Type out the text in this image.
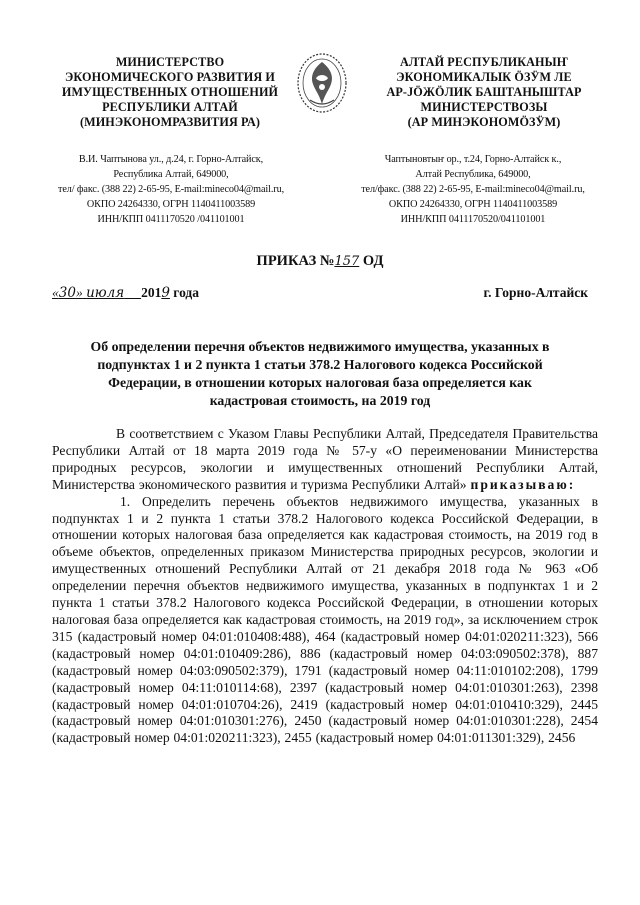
МИНИСТЕРСТВО
ЭКОНОМИЧЕСКОГО РАЗВИТИЯ И
ИМУЩЕСТВЕННЫХ ОТНОШЕНИЙ
РЕСПУБЛИКИ АЛТАЙ
(МИНЭКОНОМРАЗВИТИЯ РА)
АЛТАЙ РЕСПУБЛИКАНЫҤ
ЭКОНОМИКАЛЫК ÖЗӰМ ЛЕ
АР-JÖЖÖЛИК БАШТАНЫШТАР
МИНИСТЕРСТВОЗЫ
(АР МИНЭКОНОМÖЗӰМ)
В.И. Чаптынова ул., д.24, г. Горно-Алтайск,
Республика Алтай, 649000,
тел/ факс. (388 22) 2-65-95, E-mail:mineco04@mail.ru,
ОКПО 24264330, ОГРН 1140411003589
ИНН/КПП 0411170520 /041101001
Чаптыновтыҥ ор., т.24, Горно-Алтайск к.,
Алтай Республика, 649000,
тел/факс. (388 22) 2-65-95, E-mail:mineco04@mail.ru,
ОКПО 24264330, ОГРН 1140411003589
ИНН/КПП 0411170520/041101001
ПРИКАЗ №157 ОД
«30» июля 2019 года	г. Горно-Алтайск
Об определении перечня объектов недвижимого имущества, указанных в подпунктах 1 и 2 пункта 1 статьи 378.2 Налогового кодекса Российской Федерации, в отношении которых налоговая база определяется как кадастровая стоимость, на 2019 год

В соответствием с Указом Главы Республики Алтай, Председателя Правительства Республики Алтай от 18 марта 2019 года № 57-у «О переименовании Министерства природных ресурсов, экологии и имущественных отношений Республики Алтай, Министерства экономического развития и туризма Республики Алтай» приказываю:

1. Определить перечень объектов недвижимого имущества, указанных в подпунктах 1 и 2 пункта 1 статьи 378.2 Налогового кодекса Российской Федерации, в отношении которых налоговая база определяется как кадастровая стоимость, на 2019 год в объеме объектов, определенных приказом Министерства природных ресурсов, экологии и имущественных отношений Республики Алтай от 21 декабря 2018 года № 963 «Об определении перечня объектов недвижимого имущества, указанных в подпунктах 1 и 2 пункта 1 статьи 378.2 Налогового кодекса Российской Федерации, в отношении которых налоговая база определяется как кадастровая стоимость, на 2019 год», за исключением строк 315 (кадастровый номер 04:01:010408:488), 464 (кадастровый номер 04:01:020211:323), 566 (кадастровый номер 04:01:010409:286), 886 (кадастровый номер 04:03:090502:378), 887 (кадастровый номер 04:03:090502:379), 1791 (кадастровый номер 04:11:010102:208), 1799 (кадастровый номер 04:11:010114:68), 2397 (кадастровый номер 04:01:010301:263), 2398 (кадастровый номер 04:01:010704:26), 2419 (кадастровый номер 04:01:010410:329), 2445 (кадастровый номер 04:01:010301:276), 2450 (кадастровый номер 04:01:010301:228), 2454 (кадастровый номер 04:01:020211:323), 2455 (кадастровый номер 04:01:011301:329), 2456
